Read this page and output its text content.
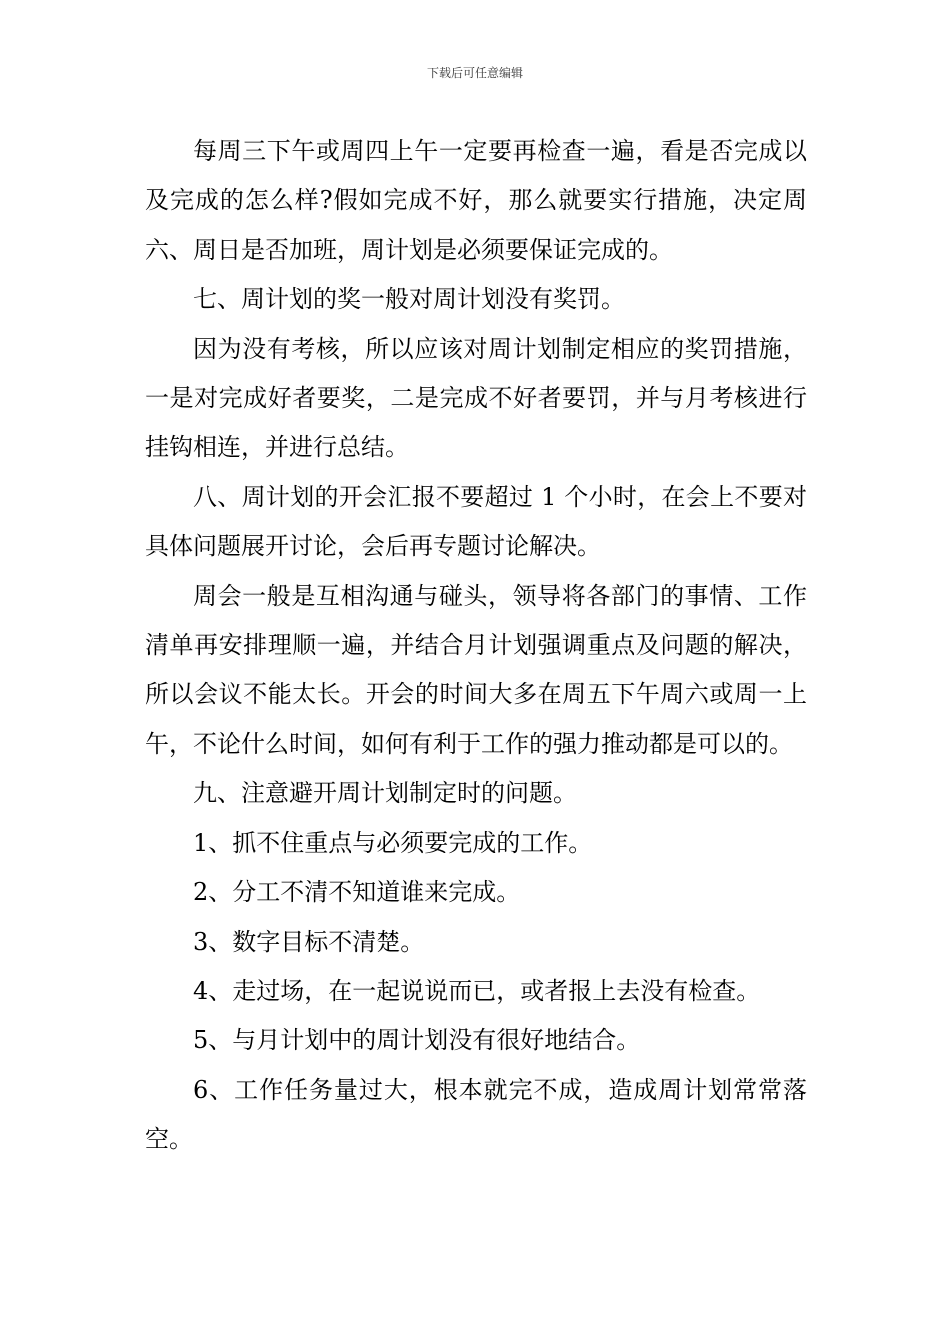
下载后可任意编辑

每周三下午或周四上午一定要再检查一遍，看是否完成以及完成的怎么样?假如完成不好，那么就要实行措施，决定周六、周日是否加班，周计划是必须要保证完成的。

七、周计划的奖一般对周计划没有奖罚。

因为没有考核，所以应该对周计划制定相应的奖罚措施，一是对完成好者要奖，二是完成不好者要罚，并与月考核进行挂钩相连，并进行总结。

八、周计划的开会汇报不要超过 1 个小时，在会上不要对具体问题展开讨论，会后再专题讨论解决。

周会一般是互相沟通与碰头，领导将各部门的事情、工作清单再安排理顺一遍，并结合月计划强调重点及问题的解决，所以会议不能太长。开会的时间大多在周五下午周六或周一上午，不论什么时间，如何有利于工作的强力推动都是可以的。

九、注意避开周计划制定时的问题。

1、抓不住重点与必须要完成的工作。

2、分工不清不知道谁来完成。

3、数字目标不清楚。

4、走过场，在一起说说而已，或者报上去没有检查。

5、与月计划中的周计划没有很好地结合。

6、工作任务量过大，根本就完不成，造成周计划常常落空。
